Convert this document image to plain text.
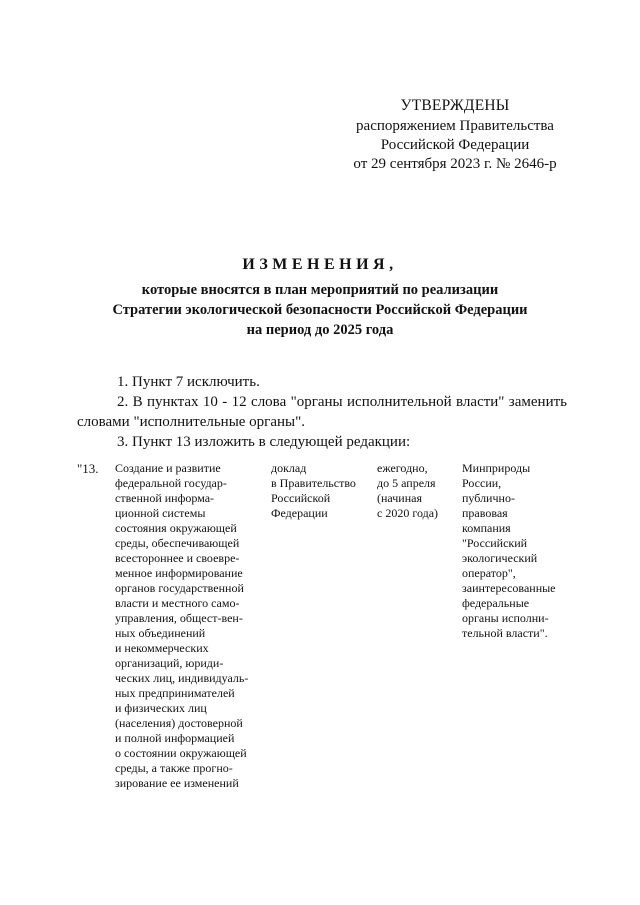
УТВЕРЖДЕНЫ
распоряжением Правительства
Российской Федерации
от 29 сентября 2023 г. № 2646-р
ИЗМЕНЕНИЯ,
которые вносятся в план мероприятий по реализации
Стратегии экологической безопасности Российской Федерации
на период до 2025 года

1. Пункт 7 исключить.

2. В пунктах 10 - 12 слова "органы исполнительной власти" заменить словами "исполнительные органы".

3. Пункт 13 изложить в следующей редакции:

"13.	Создание и развитие
федеральной государ-
ственной информа-
ционной системы
состояния окружающей
среды, обеспечивающей
всестороннее и своевре-
менное информирование
органов государственной
власти и местного само-
управления, общест-вен-
ных объединений
и некоммерческих
организаций, юриди-
ческих лиц, индивидуаль-
ных предпринимателей
и физических лиц
(населения) достоверной
и полной информацией
о состоянии окружающей
среды, а также прогно-
зирование ее изменений
доклад
в Правительство
Российской
Федерации
ежегодно,
до 5 апреля
(начиная
с 2020 года)
Минприроды
России,
публично-
правовая
компания
"Российский
экологический
оператор",
заинтересованные
федеральные
органы исполни-
тельной власти".
